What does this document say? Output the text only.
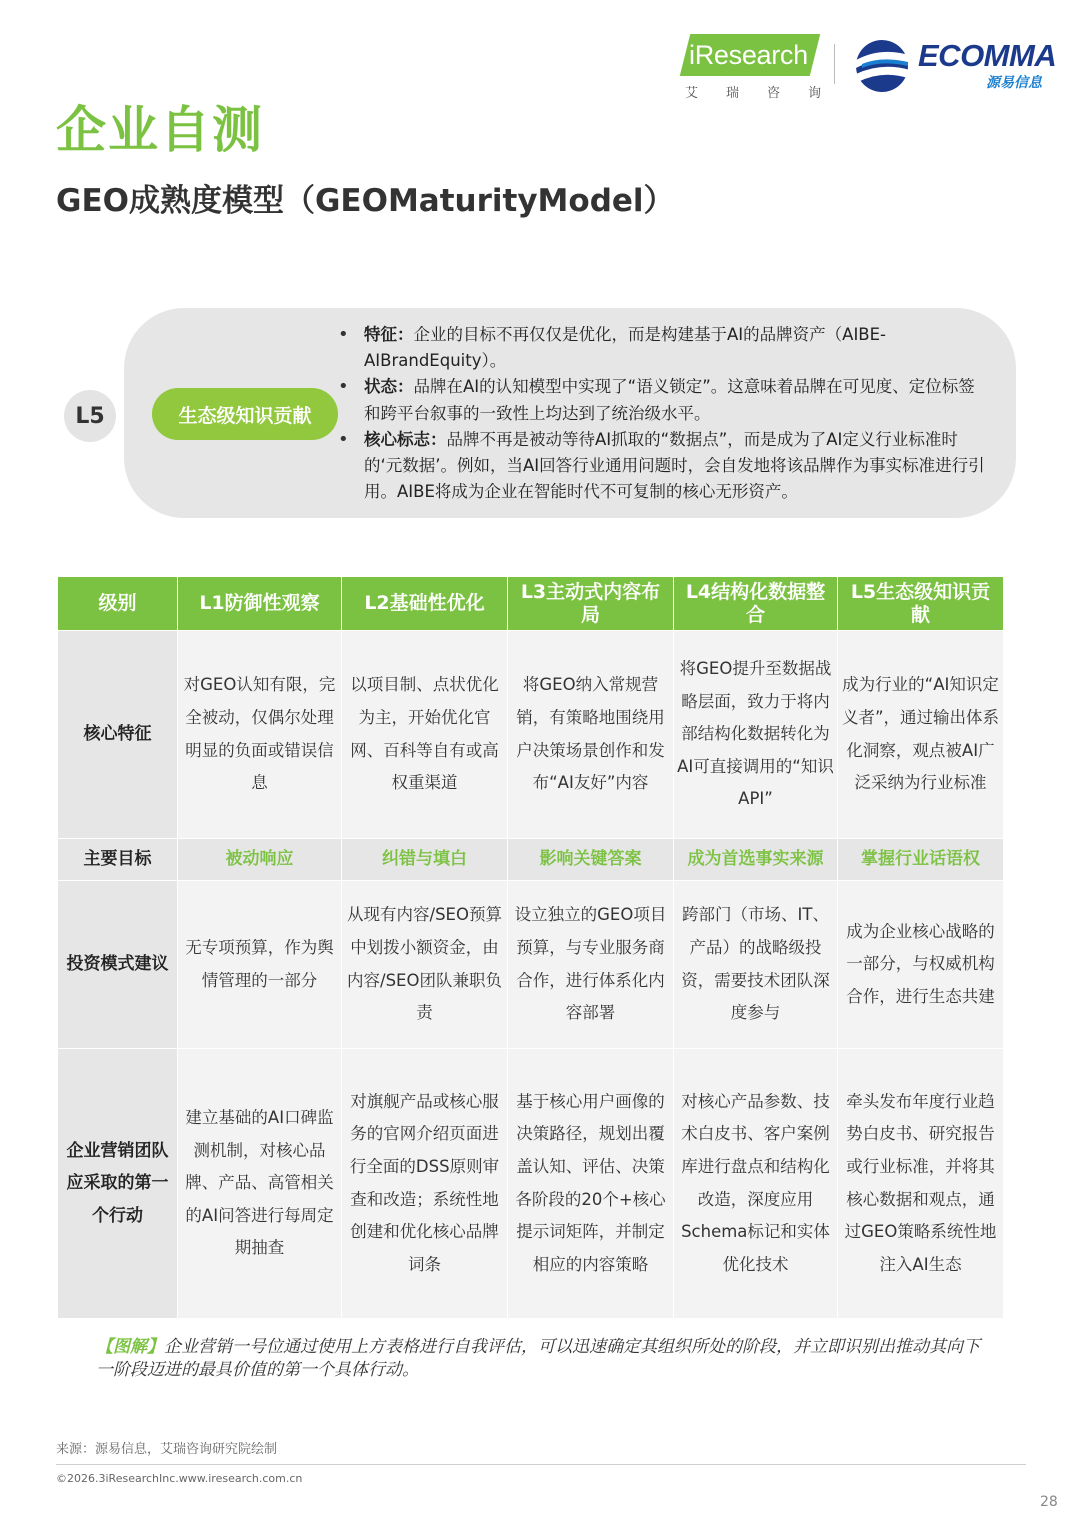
iResearch
艾 瑞 咨 询
ECOMMA
源易信息
企业自测
GEO成熟度模型（GEOMaturityModel）
L5	生态级知识贡献
• 特征：企业的目标不再仅仅是优化，而是构建基于AI的品牌资产（AIBE-AIBrandEquity）。
• 状态：品牌在AI的认知模型中实现了“语义锁定”。这意味着品牌在可见度、定位标签和跨平台叙事的一致性上均达到了统治级水平。
• 核心标志：品牌不再是被动等待AI抓取的“数据点”，而是成为了AI定义行业标准时的‘元数据’。例如，当AI回答行业通用问题时，会自发地将该品牌作为事实标准进行引用。AIBE将成为企业在智能时代不可复制的核心无形资产。
级别	L1防御性观察	L2基础性优化	L3主动式内容布局	L4结构化数据整合	L5生态级知识贡献
核心特征	对GEO认知有限，完全被动，仅偶尔处理明显的负面或错误信息	以项目制、点状优化为主，开始优化官网、百科等自有或高权重渠道	将GEO纳入常规营销，有策略地围绕用户决策场景创作和发布“AI友好”内容	将GEO提升至数据战略层面，致力于将内部结构化数据转化为AI可直接调用的“知识API”	成为行业的“AI知识定义者”，通过输出体系化洞察，观点被AI广泛采纳为行业标准
主要目标	被动响应	纠错与填白	影响关键答案	成为首选事实来源	掌握行业话语权
投资模式建议	无专项预算，作为舆情管理的一部分	从现有内容/SEO预算中划拨小额资金，由内容/SEO团队兼职负责	设立独立的GEO项目预算，与专业服务商合作，进行体系化内容部署	跨部门（市场、IT、产品）的战略级投资，需要技术团队深度参与	成为企业核心战略的一部分，与权威机构合作，进行生态共建
企业营销团队应采取的第一个行动	建立基础的AI口碑监测机制，对核心品牌、产品、高管相关的AI问答进行每周定期抽查	对旗舰产品或核心服务的官网介绍页面进行全面的DSS原则审查和改造；系统性地创建和优化核心品牌词条	基于核心用户画像的决策路径，规划出覆盖认知、评估、决策各阶段的20个+核心提示词矩阵，并制定相应的内容策略	对核心产品参数、技术白皮书、客户案例库进行盘点和结构化改造，深度应用Schema标记和实体优化技术	牵头发布年度行业趋势白皮书、研究报告或行业标准，并将其核心数据和观点，通过GEO策略系统性地注入AI生态

【图解】企业营销一号位通过使用上方表格进行自我评估，可以迅速确定其组织所处的阶段，并立即识别出推动其向下一阶段迈进的最具价值的第一个具体行动。

来源：源易信息，艾瑞咨询研究院绘制
©2026.3iResearchInc.www.iresearch.com.cn
28
